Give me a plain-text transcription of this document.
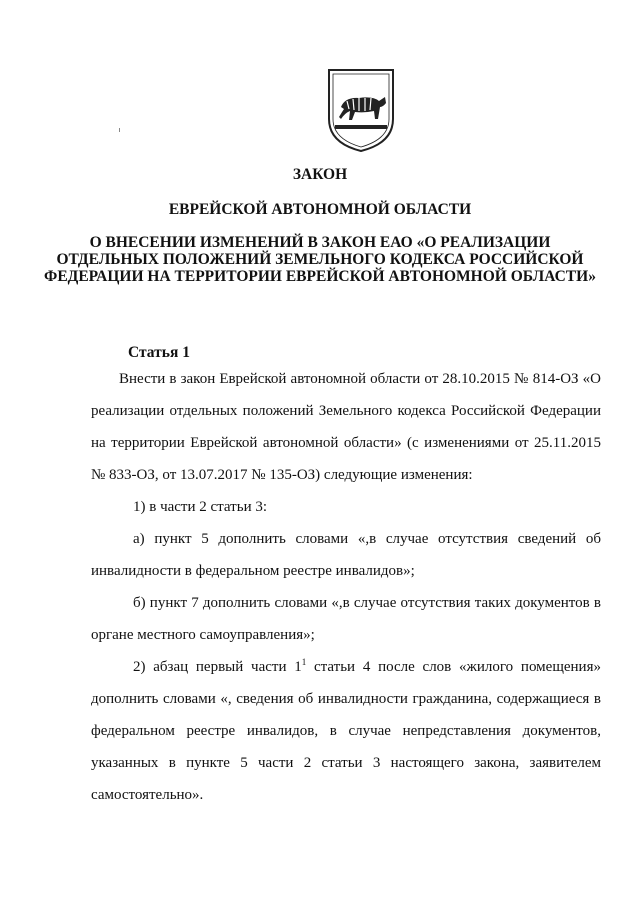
ЗАКОН
ЕВРЕЙСКОЙ АВТОНОМНОЙ ОБЛАСТИ
О ВНЕСЕНИИ ИЗМЕНЕНИЙ В ЗАКОН ЕАО «О РЕАЛИЗАЦИИ ОТДЕЛЬНЫХ ПОЛОЖЕНИЙ ЗЕМЕЛЬНОГО КОДЕКСА РОССИЙСКОЙ ФЕДЕРАЦИИ НА ТЕРРИТОРИИ ЕВРЕЙСКОЙ АВТОНОМНОЙ ОБЛАСТИ»
Статья 1
Внести в закон Еврейской автономной области от 28.10.2015 № 814-ОЗ «О реализации отдельных положений Земельного кодекса Российской Федерации на территории Еврейской автономной области» (с изменениями от 25.11.2015 № 833-ОЗ, от 13.07.2017 № 135-ОЗ) следующие изменения:
1) в части 2 статьи 3:
а) пункт 5 дополнить словами «,в случае отсутствия сведений об инвалидности в федеральном реестре инвалидов»;
б) пункт 7 дополнить словами «,в случае отсутствия таких документов в органе местного самоуправления»;
2) абзац первый части $1^1$ статьи 4 после слов «жилого помещения» дополнить словами «, сведения об инвалидности гражданина, содержащиеся в федеральном реестре инвалидов, в случае непредставления документов, указанных в пункте 5 части 2 статьи 3 настоящего закона, заявителем самостоятельно».
